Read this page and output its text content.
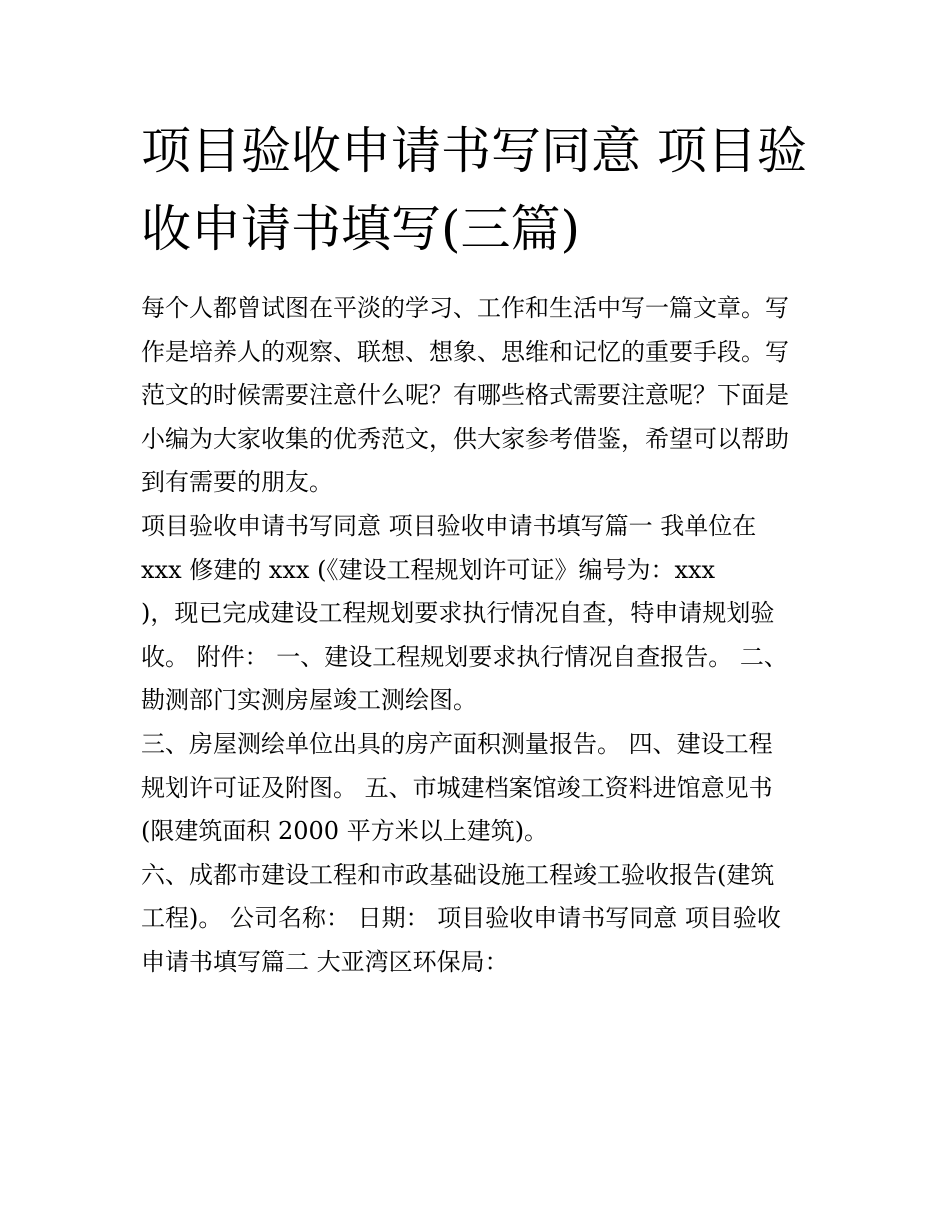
项目验收申请书写同意 项目验
收申请书填写(三篇)
每个人都曾试图在平淡的学习、工作和生活中写一篇文章。写
作是培养人的观察、联想、想象、思维和记忆的重要手段。写
范文的时候需要注意什么呢？有哪些格式需要注意呢？下面是
小编为大家收集的优秀范文，供大家参考借鉴，希望可以帮助
到有需要的朋友。
项目验收申请书写同意 项目验收申请书填写篇一 我单位在
xxx 修建的 xxx (《建设工程规划许可证》编号为：xxx
)，现已完成建设工程规划要求执行情况自查，特申请规划验
收。 附件： 一、建设工程规划要求执行情况自查报告。 二、
勘测部门实测房屋竣工测绘图。
三、房屋测绘单位出具的房产面积测量报告。 四、建设工程
规划许可证及附图。 五、市城建档案馆竣工资料进馆意见书
(限建筑面积 2000 平方米以上建筑)。
六、成都市建设工程和市政基础设施工程竣工验收报告(建筑
工程)。 公司名称： 日期： 项目验收申请书写同意 项目验收
申请书填写篇二 大亚湾区环保局：
